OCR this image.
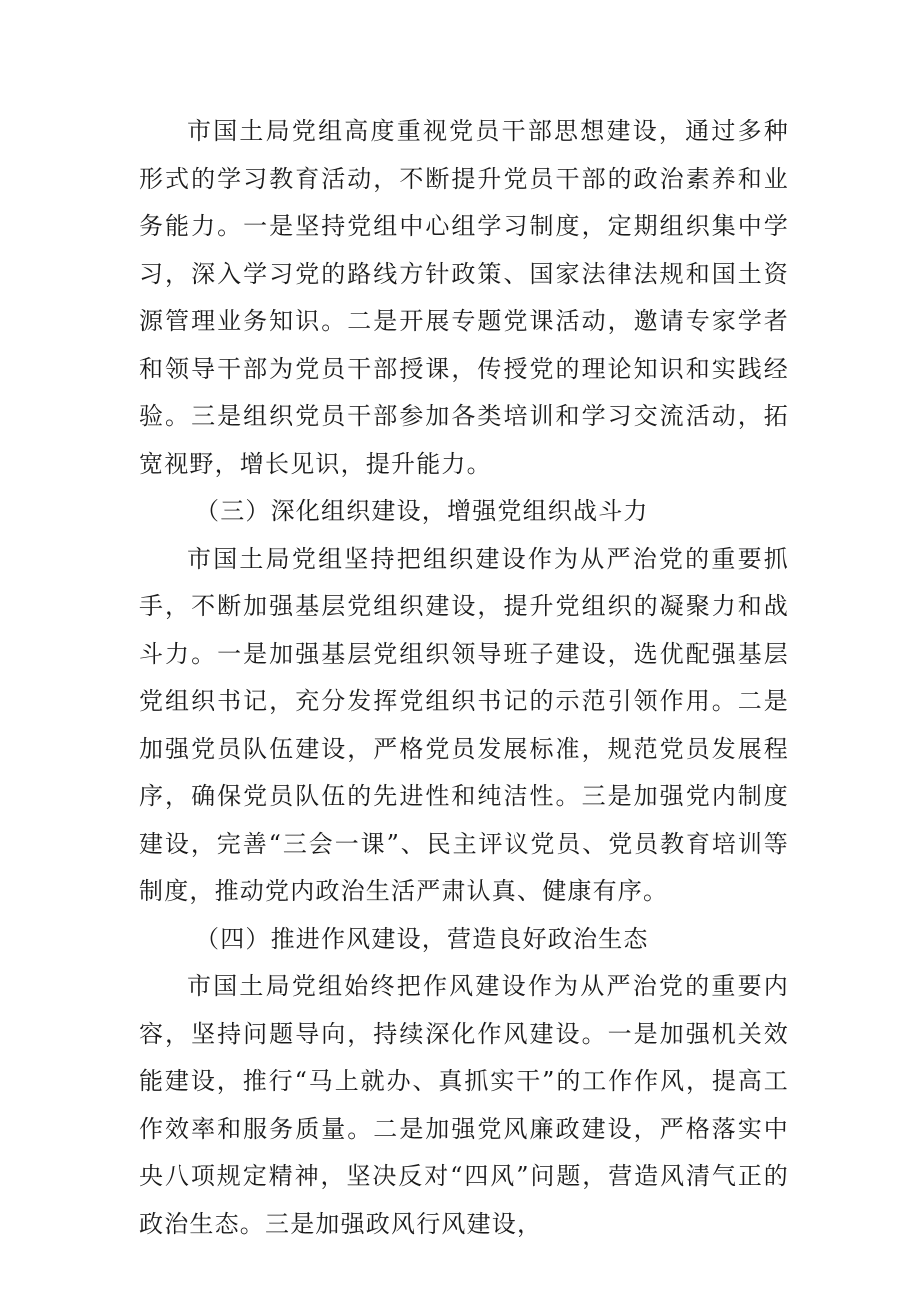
市国土局党组高度重视党员干部思想建设，通过多种形式的学习教育活动，不断提升党员干部的政治素养和业务能力。一是坚持党组中心组学习制度，定期组织集中学习，深入学习党的路线方针政策、国家法律法规和国土资源管理业务知识。二是开展专题党课活动，邀请专家学者和领导干部为党员干部授课，传授党的理论知识和实践经验。三是组织党员干部参加各类培训和学习交流活动，拓宽视野，增长见识，提升能力。

（三）深化组织建设，增强党组织战斗力

市国土局党组坚持把组织建设作为从严治党的重要抓手，不断加强基层党组织建设，提升党组织的凝聚力和战斗力。一是加强基层党组织领导班子建设，选优配强基层党组织书记，充分发挥党组织书记的示范引领作用。二是加强党员队伍建设，严格党员发展标准，规范党员发展程序，确保党员队伍的先进性和纯洁性。三是加强党内制度建设，完善“三会一课”、民主评议党员、党员教育培训等制度，推动党内政治生活严肃认真、健康有序。

（四）推进作风建设，营造良好政治生态

市国土局党组始终把作风建设作为从严治党的重要内容，坚持问题导向，持续深化作风建设。一是加强机关效能建设，推行“马上就办、真抓实干”的工作作风，提高工作效率和服务质量。二是加强党风廉政建设，严格落实中央八项规定精神，坚决反对“四风”问题，营造风清气正的政治生态。三是加强政风行风建设，
